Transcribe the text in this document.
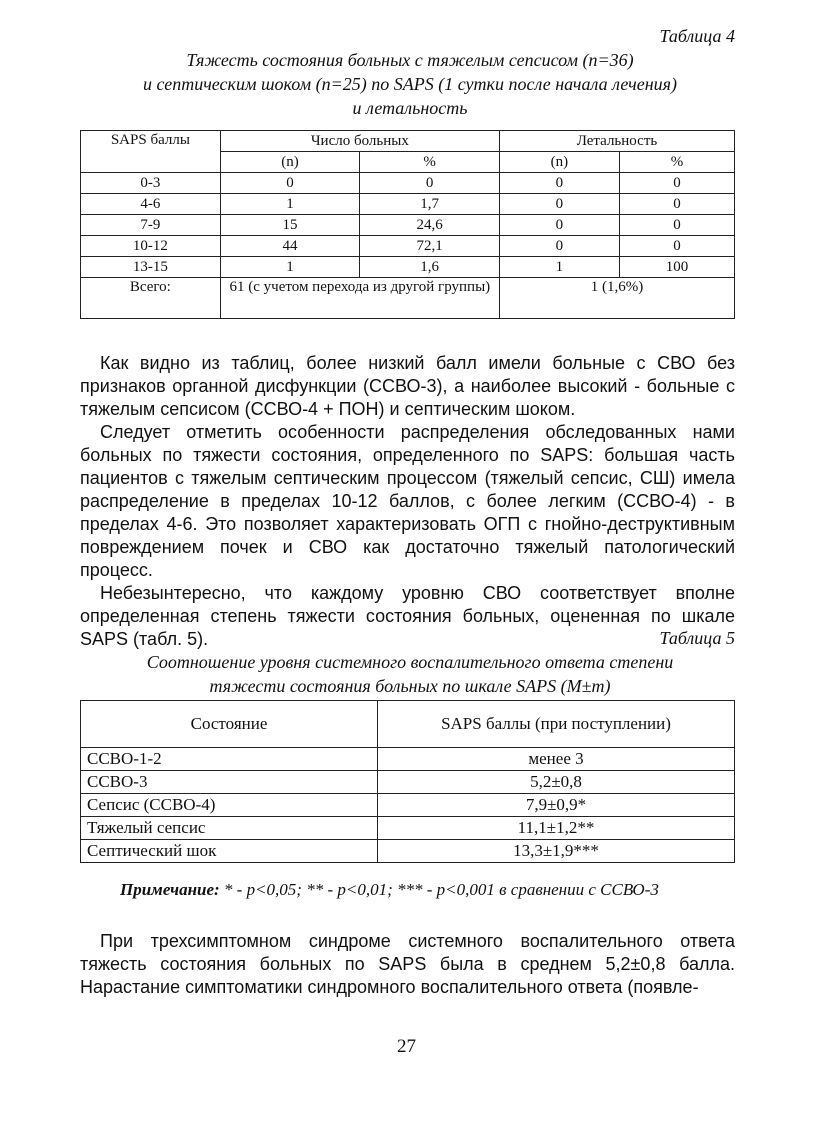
Таблица 4
Тяжесть состояния больных с тяжелым сепсисом (n=36)
и септическим шоком (n=25) по SAPS (1 сутки после начала лечения)
и летальность
SAPS баллы	Число больных		Летальность	
	(n)	%	(n)	%
0-3	0	0	0	0
4-6	1	1,7	0	0
7-9	15	24,6	0	0
10-12	44	72,1	0	0
13-15	1	1,6	1	100
Всего:	61 (с учетом перехода из другой группы)		1 (1,6%)	

Как видно из таблиц, более низкий балл имели больные с СВО без признаков органной дисфункции (ССВО-3), а наиболее высокий - больные с тяжелым сепсисом (ССВО-4 + ПОН) и септическим шоком.

Следует отметить особенности распределения обследованных нами больных по тяжести состояния, определенного по SAPS: большая часть пациентов с тяжелым септическим процессом (тяжелый сепсис, СШ) имела распределение в пределах 10-12 баллов, с более легким (ССВО-4) - в пределах 4-6. Это позволяет характеризовать ОГП с гнойно-деструктивным повреждением почек и СВО как достаточно тяжелый патологический процесс.

Небезынтересно, что каждому уровню СВО соответствует вполне определенная степень тяжести состояния больных, оцененная по шкале SAPS (табл. 5).	Таблица 5
Соотношение уровня системного воспалительного ответа степени
тяжести состояния больных по шкале SAPS (M±m)
Состояние	SAPS баллы (при поступлении)
ССВО-1-2	менее 3
ССВО-3	5,2±0,8
Сепсис (ССВО-4)	7,9±0,9*
Тяжелый сепсис	11,1±1,2**
Септический шок	13,3±1,9***
Примечание: * - p<0,05; ** - p<0,01; *** - p<0,001 в сравнении с ССВО-3

При трехсимптомном синдроме системного воспалительного ответа тяжесть состояния больных по SAPS была в среднем 5,2±0,8 балла. Нарастание симптоматики синдромного воспалительного ответа (появле-

27
